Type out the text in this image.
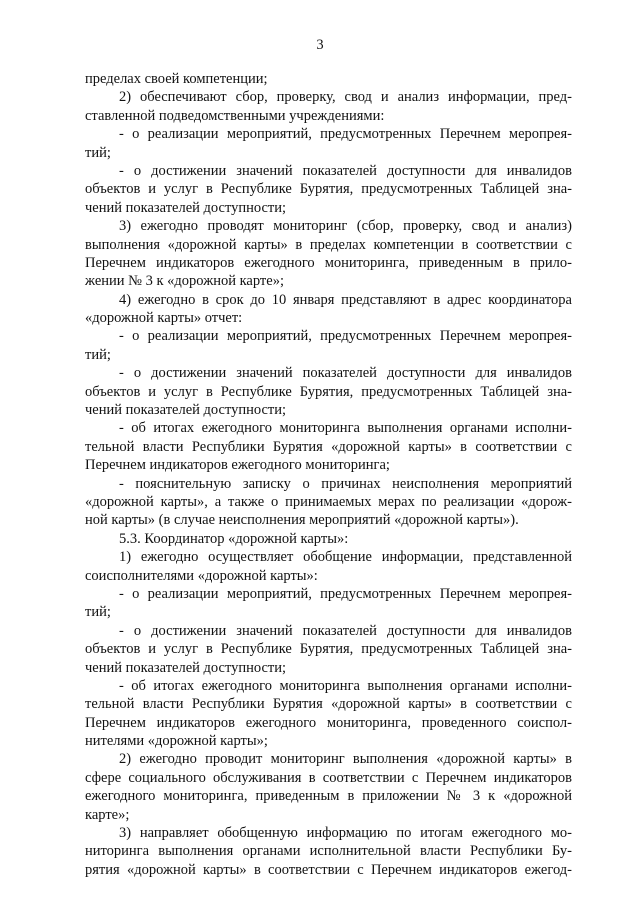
3
пределах своей компетенции;
2) обеспечивают сбор, проверку, свод и анализ информации, пред-
ставленной подведомственными учреждениями:
- о реализации мероприятий, предусмотренных Перечнем меропрея-
тий;
- о достижении значений показателей доступности для инвалидов
объектов и услуг в Республике Бурятия, предусмотренных Таблицей зна-
чений показателей доступности;
3) ежегодно проводят мониторинг (сбор, проверку, свод и анализ)
выполнения «дорожной карты» в пределах компетенции в соответствии с
Перечнем индикаторов ежегодного мониторинга, приведенным в прило-
жении № 3 к «дорожной карте»;
4) ежегодно в срок до 10 января представляют в адрес координатора
«дорожной карты» отчет:
- о реализации мероприятий, предусмотренных Перечнем меропрея-
тий;
- о достижении значений показателей доступности для инвалидов
объектов и услуг в Республике Бурятия, предусмотренных Таблицей зна-
чений показателей доступности;
- об итогах ежегодного мониторинга выполнения органами исполни-
тельной власти Республики Бурятия «дорожной карты» в соответствии с
Перечнем индикаторов ежегодного мониторинга;
- пояснительную записку о причинах неисполнения мероприятий
«дорожной карты», а также о принимаемых мерах по реализации «дорож-
ной карты» (в случае неисполнения мероприятий «дорожной карты»).
5.3. Координатор «дорожной карты»:
1) ежегодно осуществляет обобщение информации, представленной
соисполнителями «дорожной карты»:
- о реализации мероприятий, предусмотренных Перечнем меропрея-
тий;
- о достижении значений показателей доступности для инвалидов
объектов и услуг в Республике Бурятия, предусмотренных Таблицей зна-
чений показателей доступности;
- об итогах ежегодного мониторинга выполнения органами исполни-
тельной власти Республики Бурятия «дорожной карты» в соответствии с
Перечнем индикаторов ежегодного мониторинга, проведенного соиспол-
нителями «дорожной карты»;
2) ежегодно проводит мониторинг выполнения «дорожной карты» в
сфере социального обслуживания в соответствии с Перечнем индикаторов
ежегодного мониторинга, приведенным в приложении № 3 к «дорожной
карте»;
3) направляет обобщенную информацию по итогам ежегодного мо-
ниторинга выполнения органами исполнительной власти Республики Бу-
рятия «дорожной карты» в соответствии с Перечнем индикаторов ежегод-
